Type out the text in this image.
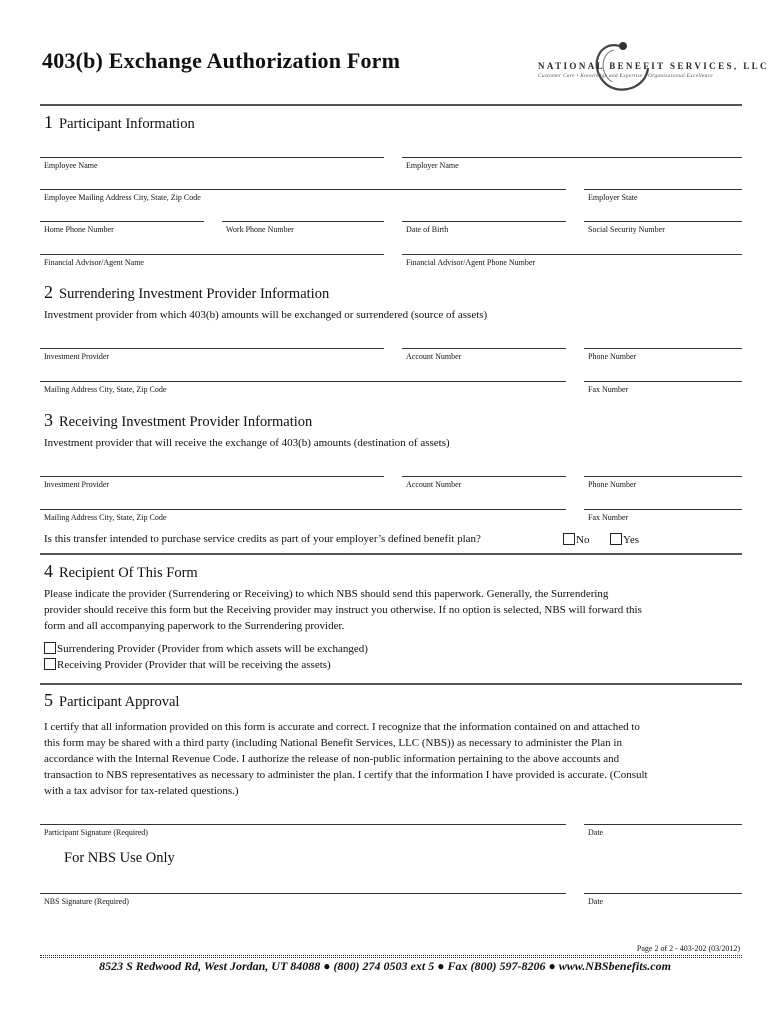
403(b) Exchange Authorization Form	NATIONAL BENEFIT SERVICES, LLC
Customer Care • Knowledge and Expertise • Organizational Excellence
1 Participant Information
Employee Name	Employer Name
Employee Mailing Address City, State, Zip Code	Employer State
Home Phone Number	Work Phone Number	Date of Birth	Social Security Number
Financial Advisor/Agent Name	Financial Advisor/Agent Phone Number
2 Surrendering Investment Provider Information
Investment provider from which 403(b) amounts will be exchanged or surrendered (source of assets)
Investment Provider	Account Number	Phone Number
Mailing Address City, State, Zip Code	Fax Number
3 Receiving Investment Provider Information
Investment provider that will receive the exchange of 403(b) amounts (destination of assets)
Investment Provider	Account Number	Phone Number
Mailing Address City, State, Zip Code	Fax Number
Is this transfer intended to purchase service credits as part of your employer’s defined benefit plan?	No	Yes
4 Recipient Of This Form
Please indicate the provider (Surrendering or Receiving) to which NBS should send this paperwork. Generally, the Surrendering
provider should receive this form but the Receiving provider may instruct you otherwise. If no option is selected, NBS will forward this
form and all accompanying paperwork to the Surrendering provider.
Surrendering Provider (Provider from which assets will be exchanged)
Receiving Provider (Provider that will be receiving the assets)
5 Participant Approval
I certify that all information provided on this form is accurate and correct. I recognize that the information contained on and attached to
this form may be shared with a third party (including National Benefit Services, LLC (NBS)) as necessary to administer the Plan in
accordance with the Internal Revenue Code. I authorize the release of non-public information pertaining to the above accounts and
transaction to NBS representatives as necessary to administer the plan. I certify that the information I have provided is accurate. (Consult
with a tax advisor for tax-related questions.)
Participant Signature (Required)	Date
For NBS Use Only
NBS Signature (Required)	Date
Page 2 of 2 - 403-202 (03/2012)
8523 S Redwood Rd, West Jordan, UT 84088 ● (800) 274 0503 ext 5 ● Fax (800) 597-8206 ● www.NBSbenefits.com
